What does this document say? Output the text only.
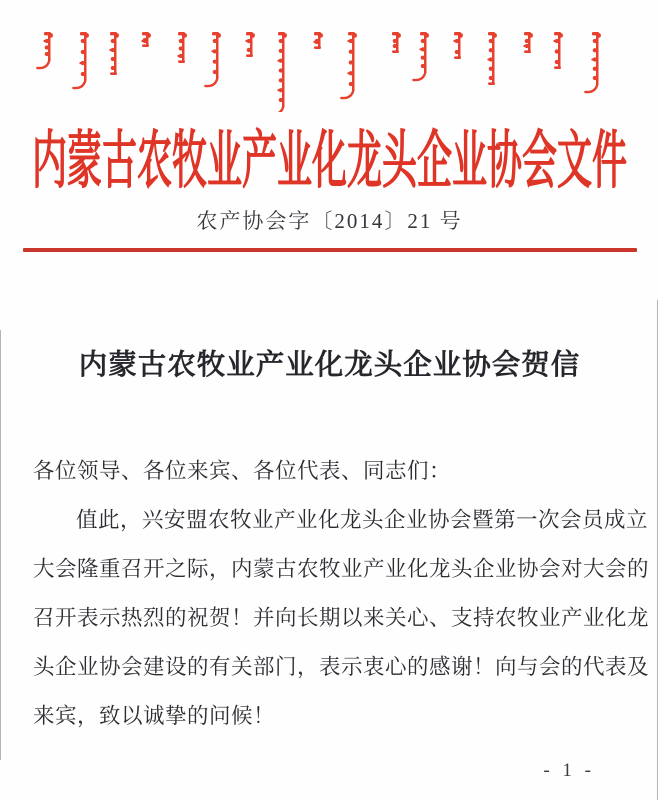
内蒙古农牧业产业化龙头企业协会文件
农产协会字〔2014〕21 号
内蒙古农牧业产业化龙头企业协会贺信
各位领导、各位来宾、各位代表、同志们：
值此，兴安盟农牧业产业化龙头企业协会暨第一次会员成立
大会隆重召开之际，内蒙古农牧业产业化龙头企业协会对大会的
召开表示热烈的祝贺！并向长期以来关心、支持农牧业产业化龙
头企业协会建设的有关部门，表示衷心的感谢！向与会的代表及
来宾，致以诚挚的问候！
- 1 -
